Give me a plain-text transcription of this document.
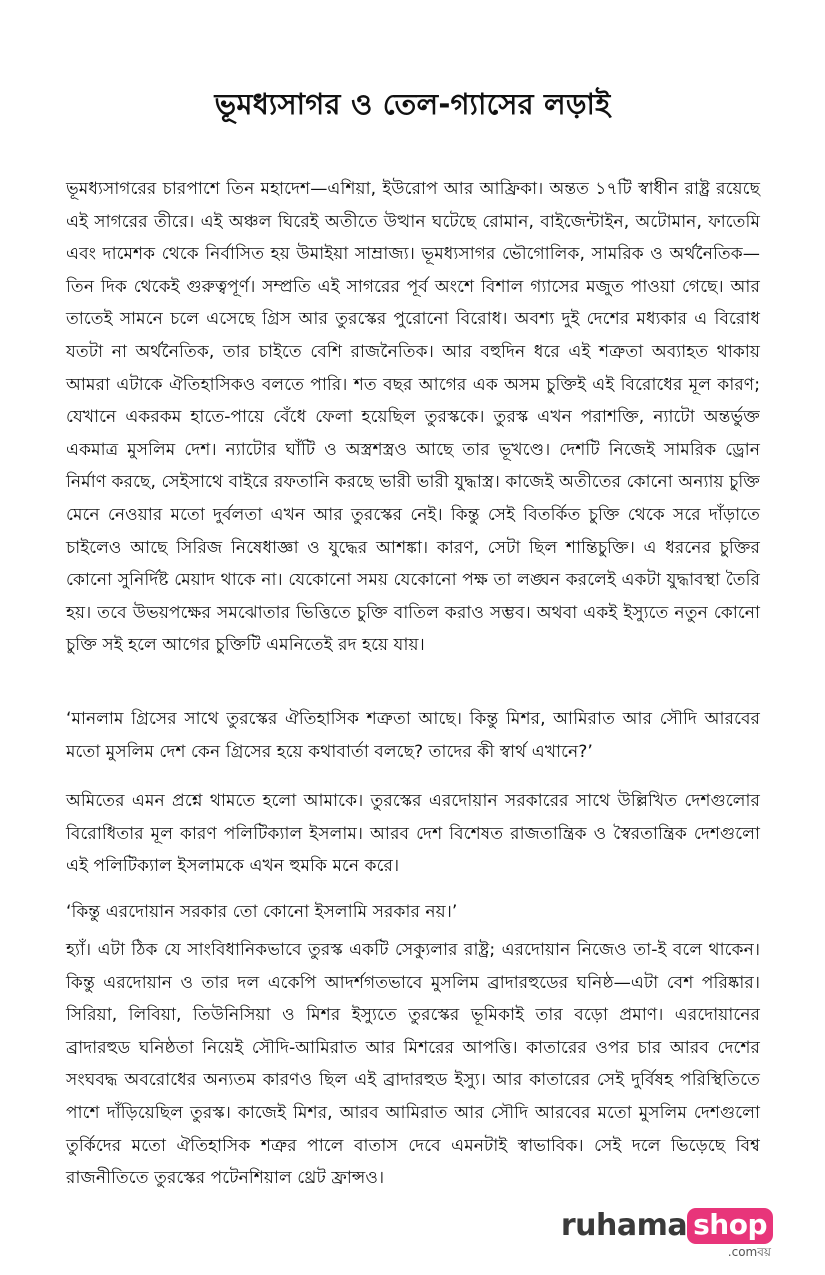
ভূমধ্যসাগর ও তেল-গ্যাসের লড়াই

ভূমধ্যসাগরের চারপাশে তিন মহাদেশ—এশিয়া, ইউরোপ আর আফ্রিকা। অন্তত ১৭টি স্বাধীন রাষ্ট্র রয়েছে এই সাগরের তীরে। এই অঞ্চল ঘিরেই অতীতে উত্থান ঘটেছে রোমান, বাইজেন্টাইন, অটোমান, ফাতেমি এবং দামেশক থেকে নির্বাসিত হয় উমাইয়া সাম্রাজ্য। ভূমধ্যসাগর ভৌগোলিক, সামরিক ও অর্থনৈতিক—তিন দিক থেকেই গুরুত্বপূর্ণ। সম্প্রতি এই সাগরের পূর্ব অংশে বিশাল গ্যাসের মজুত পাওয়া গেছে। আর তাতেই সামনে চলে এসেছে গ্রিস আর তুরস্কের পুরোনো বিরোধ। অবশ্য দুই দেশের মধ্যকার এ বিরোধ যতটা না অর্থনৈতিক, তার চাইতে বেশি রাজনৈতিক। আর বহুদিন ধরে এই শত্রুতা অব্যাহত থাকায় আমরা এটাকে ঐতিহাসিকও বলতে পারি। শত বছর আগের এক অসম চুক্তিই এই বিরোধের মূল কারণ; যেখানে একরকম হাতে-পায়ে বেঁধে ফেলা হয়েছিল তুরস্ককে। তুরস্ক এখন পরাশক্তি, ন্যাটো অন্তর্ভুক্ত একমাত্র মুসলিম দেশ। ন্যাটোর ঘাঁটি ও অস্ত্রশস্ত্রও আছে তার ভূখণ্ডে। দেশটি নিজেই সামরিক ড্রোন নির্মাণ করছে, সেইসাথে বাইরে রফতানি করছে ভারী ভারী যুদ্ধাস্ত্র। কাজেই অতীতের কোনো অন্যায় চুক্তি মেনে নেওয়ার মতো দুর্বলতা এখন আর তুরস্কের নেই। কিন্তু সেই বিতর্কিত চুক্তি থেকে সরে দাঁড়াতে চাইলেও আছে সিরিজ নিষেধাজ্ঞা ও যুদ্ধের আশঙ্কা। কারণ, সেটা ছিল শান্তিচুক্তি। এ ধরনের চুক্তির কোনো সুনির্দিষ্ট মেয়াদ থাকে না। যেকোনো সময় যেকোনো পক্ষ তা লঙ্ঘন করলেই একটা যুদ্ধাবস্থা তৈরি হয়। তবে উভয়পক্ষের সমঝোতার ভিত্তিতে চুক্তি বাতিল করাও সম্ভব। অথবা একই ইস্যুতে নতুন কোনো চুক্তি সই হলে আগের চুক্তিটি এমনিতেই রদ হয়ে যায়।

‘মানলাম গ্রিসের সাথে তুরস্কের ঐতিহাসিক শত্রুতা আছে। কিন্তু মিশর, আমিরাত আর সৌদি আরবের মতো মুসলিম দেশ কেন গ্রিসের হয়ে কথাবার্তা বলছে? তাদের কী স্বার্থ এখানে?’

অমিতের এমন প্রশ্নে থামতে হলো আমাকে। তুরস্কের এরদোয়ান সরকারের সাথে উল্লিখিত দেশগুলোর বিরোধিতার মূল কারণ পলিটিক্যাল ইসলাম। আরব দেশ বিশেষত রাজতান্ত্রিক ও স্বৈরতান্ত্রিক দেশগুলো এই পলিটিক্যাল ইসলামকে এখন হুমকি মনে করে।

‘কিন্তু এরদোয়ান সরকার তো কোনো ইসলামি সরকার নয়।’

হ্যাঁ। এটা ঠিক যে সাংবিধানিকভাবে তুরস্ক একটি সেক্যুলার রাষ্ট্র; এরদোয়ান নিজেও তা-ই বলে থাকেন। কিন্তু এরদোয়ান ও তার দল একেপি আদর্শগতভাবে মুসলিম ব্রাদারহুডের ঘনিষ্ঠ—এটা বেশ পরিষ্কার। সিরিয়া, লিবিয়া, তিউনিসিয়া ও মিশর ইস্যুতে তুরস্কের ভূমিকাই তার বড়ো প্রমাণ। এরদোয়ানের ব্রাদারহুড ঘনিষ্ঠতা নিয়েই সৌদি-আমিরাত আর মিশরের আপত্তি। কাতারের ওপর চার আরব দেশের সংঘবদ্ধ অবরোধের অন্যতম কারণও ছিল এই ব্রাদারহুড ইস্যু। আর কাতারের সেই দুর্বিষহ পরিস্থিতিতে পাশে দাঁড়িয়েছিল তুরস্ক। কাজেই মিশর, আরব আমিরাত আর সৌদি আরবের মতো মুসলিম দেশগুলো তুর্কিদের মতো ঐতিহাসিক শত্রুর পালে বাতাস দেবে এমনটাই স্বাভাবিক। সেই দলে ভিড়েছে বিশ্ব রাজনীতিতে তুরস্কের পটেনশিয়াল থ্রেট ফ্রান্সও।

ruhama shop
.comবয়
